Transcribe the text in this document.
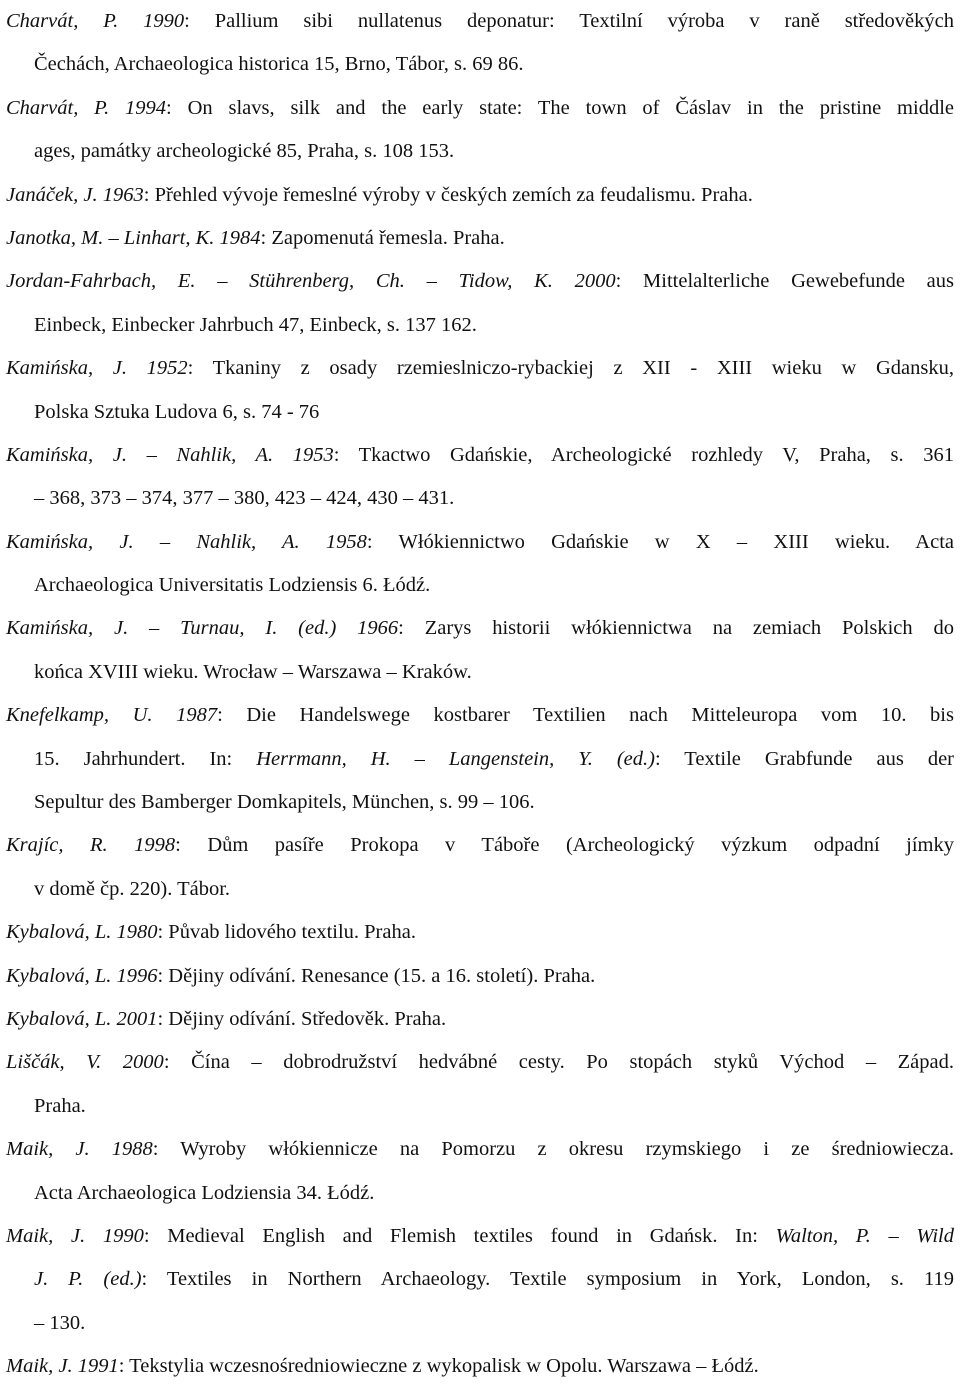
Charvát, P. 1990: Pallium sibi nullatenus deponatur: Textilní výroba v raně středověkých
Čechách, Archaeologica historica 15, Brno, Tábor, s. 69 86.
Charvát, P. 1994: On slavs, silk and the early state: The town of Čáslav in the pristine middle
ages, památky archeologické 85, Praha, s. 108 153.
Janáček, J. 1963: Přehled vývoje řemeslné výroby v českých zemích za feudalismu. Praha.
Janotka, M. – Linhart, K. 1984: Zapomenutá řemesla. Praha.
Jordan-Fahrbach, E. – Stührenberg, Ch. – Tidow, K. 2000: Mittelalterliche Gewebefunde aus
Einbeck, Einbecker Jahrbuch 47, Einbeck, s. 137 162.
Kamińska, J. 1952: Tkaniny z osady rzemieslniczo-rybackiej z XII - XIII wieku w Gdansku,
Polska Sztuka Ludova 6, s. 74 - 76
Kamińska, J. – Nahlik, A. 1953: Tkactwo Gdańskie, Archeologické rozhledy V, Praha, s. 361
– 368, 373 – 374, 377 – 380, 423 – 424, 430 – 431.
Kamińska, J. – Nahlik, A. 1958: Włókiennictwo Gdańskie w X – XIII wieku. Acta
Archaeologica Universitatis Lodziensis 6. Łódź.
Kamińska, J. – Turnau, I. (ed.) 1966: Zarys historii włókiennictwa na zemiach Polskich do
końca XVIII wieku. Wrocław – Warszawa – Kraków.
Knefelkamp, U. 1987: Die Handelswege kostbarer Textilien nach Mitteleuropa vom 10. bis
15. Jahrhundert. In: Herrmann, H. – Langenstein, Y. (ed.): Textile Grabfunde aus der
Sepultur des Bamberger Domkapitels, München, s. 99 – 106.
Krajíc, R. 1998: Dům pasíře Prokopa v Táboře (Archeologický výzkum odpadní jímky
v domě čp. 220). Tábor.
Kybalová, L. 1980: Půvab lidového textilu. Praha.
Kybalová, L. 1996: Dějiny odívání. Renesance (15. a 16. století). Praha.
Kybalová, L. 2001: Dějiny odívání. Středověk. Praha.
Liščák, V. 2000: Čína – dobrodružství hedvábné cesty. Po stopách styků Východ – Západ.
Praha.
Maik, J. 1988: Wyroby włókiennicze na Pomorzu z okresu rzymskiego i ze średniowiecza.
Acta Archaeologica Lodziensia 34. Łódź.
Maik, J. 1990: Medieval English and Flemish textiles found in Gdańsk. In: Walton, P. – Wild
J. P. (ed.): Textiles in Northern Archaeology. Textile symposium in York, London, s. 119
– 130.
Maik, J. 1991: Tekstylia wczesnośredniowieczne z wykopalisk w Opolu. Warszawa – Łódź.
